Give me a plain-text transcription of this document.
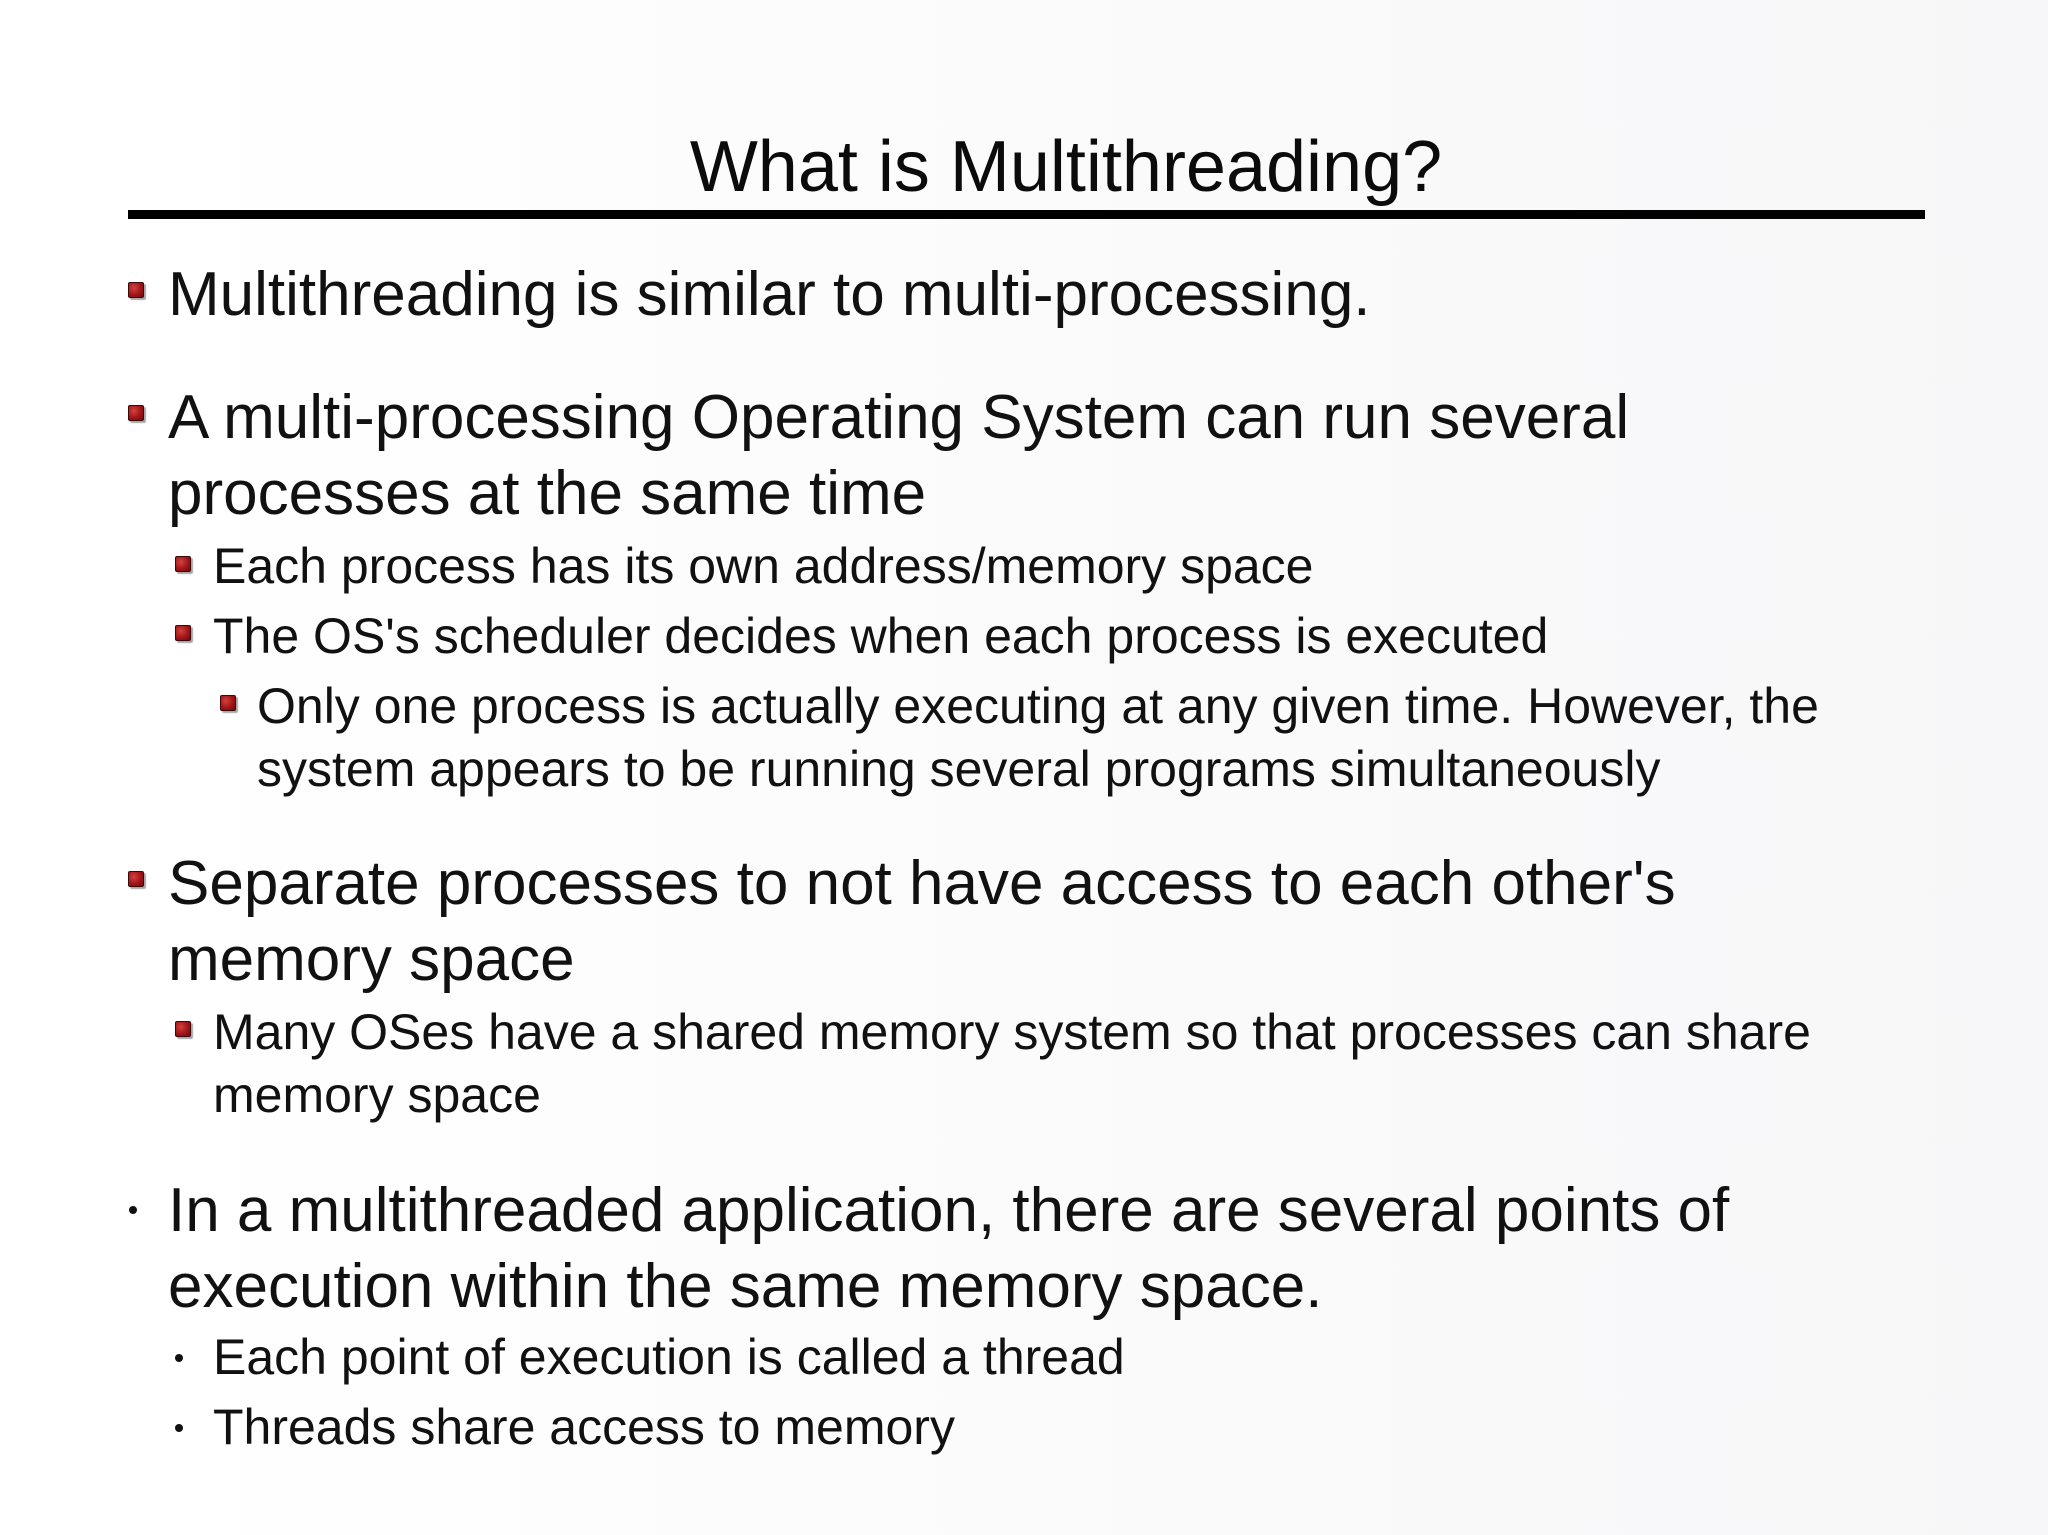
What is Multithreading?
Multithreading is similar to multi-processing.
A multi-processing Operating System can run several processes at the same time
Each process has its own address/memory space
The OS's scheduler decides when each process is executed
Only one process is actually executing at any given time. However, the system appears to be running several programs simultaneously
Separate processes to not have access to each other's memory space
Many OSes have a shared memory system so that processes can share memory space
In a multithreaded application, there are several points of execution within the same memory space.
Each point of execution is called a thread
Threads share access to memory
